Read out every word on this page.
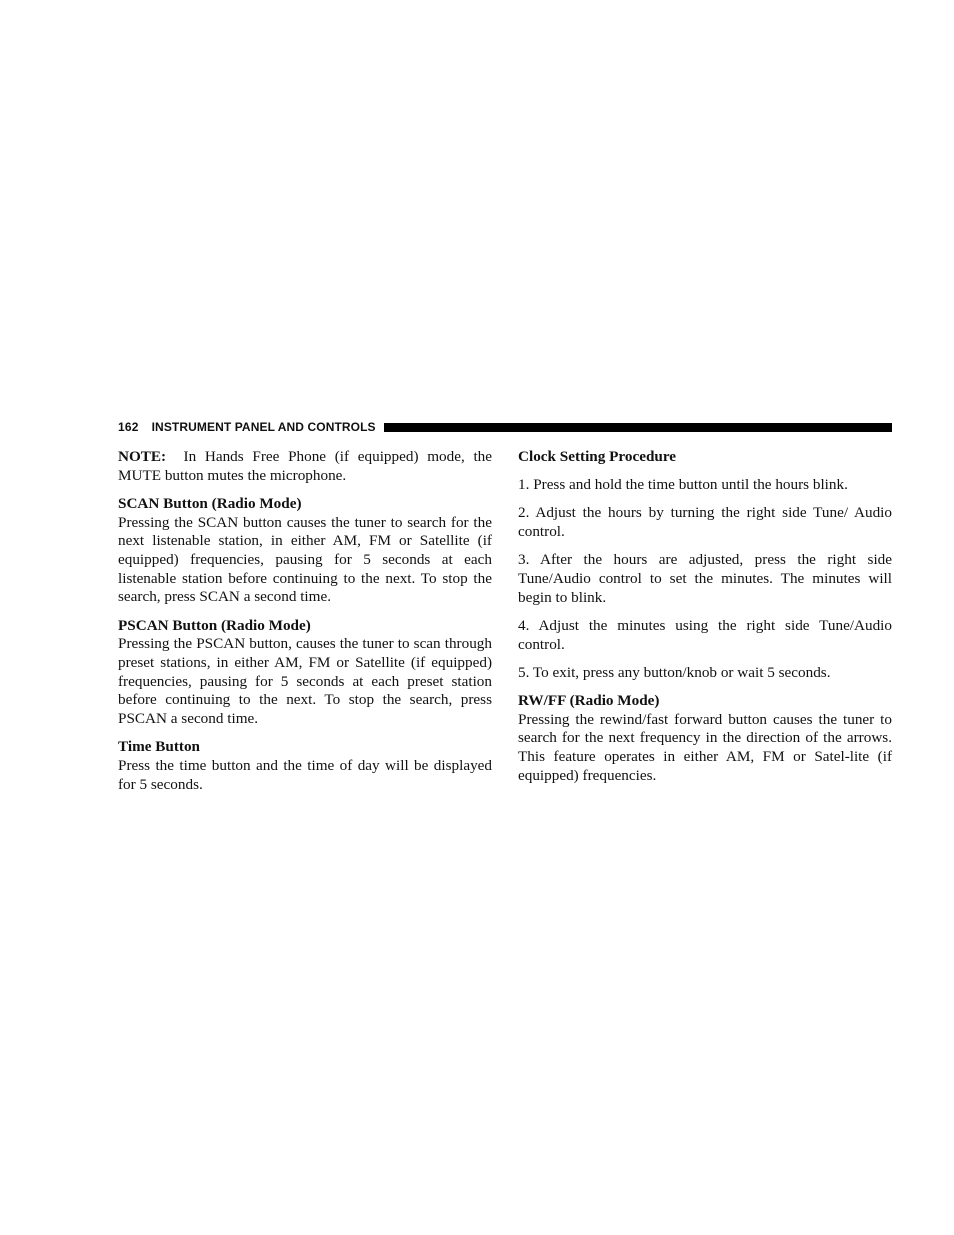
162 INSTRUMENT PANEL AND CONTROLS

NOTE: In Hands Free Phone (if equipped) mode, the MUTE button mutes the microphone.

SCAN Button (Radio Mode)

Pressing the SCAN button causes the tuner to search for the next listenable station, in either AM, FM or Satellite (if equipped) frequencies, pausing for 5 seconds at each listenable station before continuing to the next. To stop the search, press SCAN a second time.

PSCAN Button (Radio Mode)

Pressing the PSCAN button, causes the tuner to scan through preset stations, in either AM, FM or Satellite (if equipped) frequencies, pausing for 5 seconds at each preset station before continuing to the next. To stop the search, press PSCAN a second time.

Time Button

Press the time button and the time of day will be displayed for 5 seconds.

Clock Setting Procedure

1. Press and hold the time button until the hours blink.

2. Adjust the hours by turning the right side Tune/ Audio control.

3. After the hours are adjusted, press the right side Tune/Audio control to set the minutes. The minutes will begin to blink.

4. Adjust the minutes using the right side Tune/Audio control.

5. To exit, press any button/knob or wait 5 seconds.

RW/FF (Radio Mode)

Pressing the rewind/fast forward button causes the tuner to search for the next frequency in the direction of the arrows. This feature operates in either AM, FM or Satel-lite (if equipped) frequencies.
